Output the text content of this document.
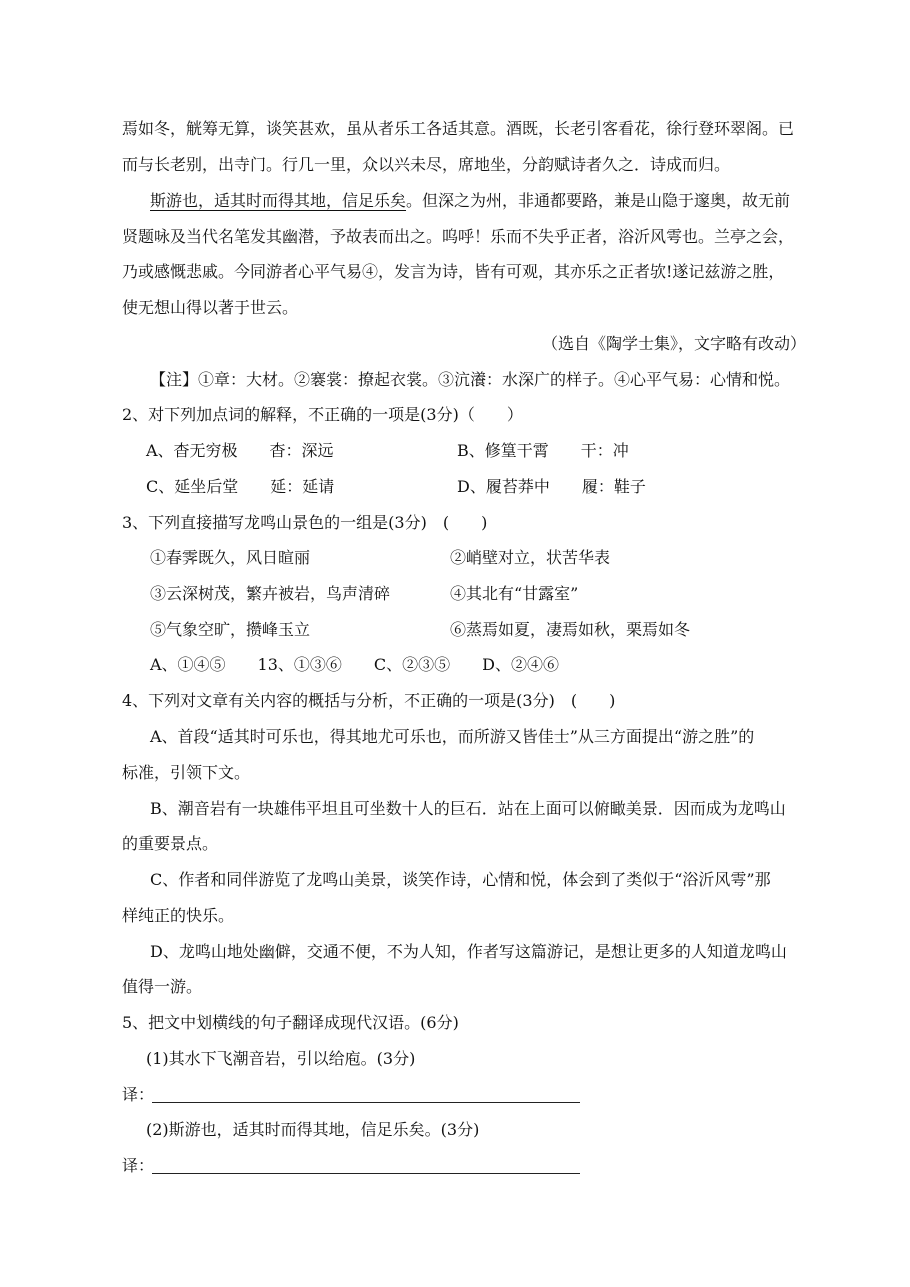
焉如冬，觥筹无算，谈笑甚欢，虽从者乐工各适其意。酒既，长老引客看花，徐行登环翠阁。已
而与长老别，出寺门。行几一里，众以兴未尽，席地坐，分韵赋诗者久之．诗成而归。
斯游也，适其时而得其地，信足乐矣。但深之为州，非通都要路，兼是山隐于邃奥，故无前
贤题咏及当代名笔发其幽潜，予故表而出之。呜呼！乐而不失乎正者，浴沂风雩也。兰亭之会，
乃或感慨悲戚。今同游者心平气易④，发言为诗，皆有可观，其亦乐之正者欤!遂记兹游之胜，
使无想山得以著于世云。
（选自《陶学士集》，文字略有改动）
【注】①章：大材。②褰裳：撩起衣裳。③沆瀁：水深广的样子。④心平气易：心情和悦。
2、对下列加点词的解释，不正确的一项是(3分)（　　）
A、杳无穷极　　杳：深远	B、修篁干霄　　干：冲
C、延坐后堂　　延：延请	D、履苔莽中　　履：鞋子
3、下列直接描写龙鸣山景色的一组是(3分)　(　　)
①春霁既久，风日暄丽	②峭壁对立，状苦华表
③云深树茂，繁卉被岩，鸟声清碎	④其北有“甘露室”
⑤气象空旷，攒峰玉立	⑥蒸焉如夏，凄焉如秋，栗焉如冬
A、①④⑤　　13、①③⑥　　C、②③⑤　　D、②④⑥
4、下列对文章有关内容的概括与分析，不正确的一项是(3分)　(　　)
A、首段“适其时可乐也，得其地尤可乐也，而所游又皆佳士”从三方面提出“游之胜”的
标准，引领下文。
B、潮音岩有一块雄伟平坦且可坐数十人的巨石．站在上面可以俯瞰美景．因而成为龙鸣山
的重要景点。
C、作者和同伴游览了龙鸣山美景，谈笑作诗，心情和悦，体会到了类似于“浴沂风雩”那
样纯正的快乐。
D、龙鸣山地处幽僻，交通不便，不为人知，作者写这篇游记，是想让更多的人知道龙鸣山
值得一游。
5、把文中划横线的句子翻译成现代汉语。(6分)
(1)其水下飞潮音岩，引以给庖。(3分)
译：
(2)斯游也，适其时而得其地，信足乐矣。(3分)
译：
